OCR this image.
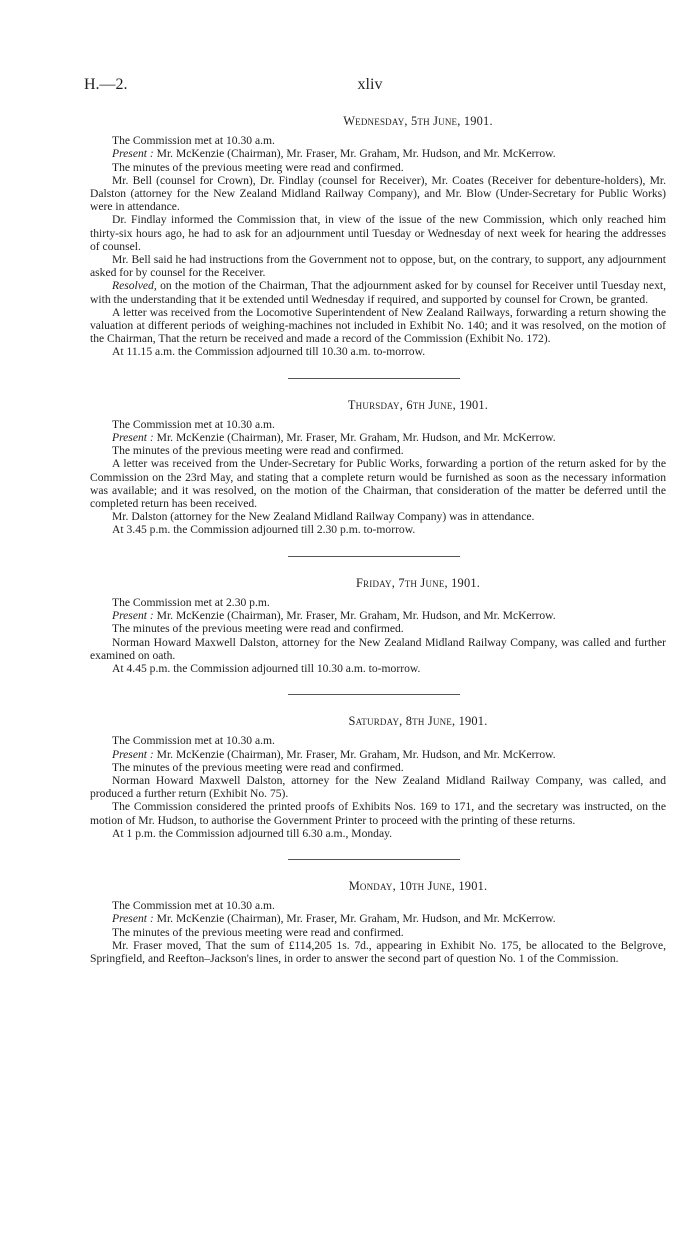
H.—2.	xliv
Wednesday, 5th June, 1901.

The Commission met at 10.30 a.m.

Present : Mr. McKenzie (Chairman), Mr. Fraser, Mr. Graham, Mr. Hudson, and Mr. McKerrow.

The minutes of the previous meeting were read and confirmed.

Mr. Bell (counsel for Crown), Dr. Findlay (counsel for Receiver), Mr. Coates (Receiver for debenture-holders), Mr. Dalston (attorney for the New Zealand Midland Railway Company), and Mr. Blow (Under-Secretary for Public Works) were in attendance.

Dr. Findlay informed the Commission that, in view of the issue of the new Commission, which only reached him thirty-six hours ago, he had to ask for an adjournment until Tuesday or Wednesday of next week for hearing the addresses of counsel.

Mr. Bell said he had instructions from the Government not to oppose, but, on the contrary, to support, any adjournment asked for by counsel for the Receiver.

Resolved, on the motion of the Chairman, That the adjournment asked for by counsel for Receiver until Tuesday next, with the understanding that it be extended until Wednesday if required, and supported by counsel for Crown, be granted.

A letter was received from the Locomotive Superintendent of New Zealand Railways, forwarding a return showing the valuation at different periods of weighing-machines not included in Exhibit No. 140; and it was resolved, on the motion of the Chairman, That the return be received and made a record of the Commission (Exhibit No. 172).

At 11.15 a.m. the Commission adjourned till 10.30 a.m. to-morrow.

Thursday, 6th June, 1901.

The Commission met at 10.30 a.m.

Present : Mr. McKenzie (Chairman), Mr. Fraser, Mr. Graham, Mr. Hudson, and Mr. McKerrow.

The minutes of the previous meeting were read and confirmed.

A letter was received from the Under-Secretary for Public Works, forwarding a portion of the return asked for by the Commission on the 23rd May, and stating that a complete return would be furnished as soon as the necessary information was available; and it was resolved, on the motion of the Chairman, that consideration of the matter be deferred until the completed return has been received.

Mr. Dalston (attorney for the New Zealand Midland Railway Company) was in attendance.

At 3.45 p.m. the Commission adjourned till 2.30 p.m. to-morrow.

Friday, 7th June, 1901.

The Commission met at 2.30 p.m.

Present : Mr. McKenzie (Chairman), Mr. Fraser, Mr. Graham, Mr. Hudson, and Mr. McKerrow.

The minutes of the previous meeting were read and confirmed.

Norman Howard Maxwell Dalston, attorney for the New Zealand Midland Railway Company, was called and further examined on oath.

At 4.45 p.m. the Commission adjourned till 10.30 a.m. to-morrow.

Saturday, 8th June, 1901.

The Commission met at 10.30 a.m.

Present : Mr. McKenzie (Chairman), Mr. Fraser, Mr. Graham, Mr. Hudson, and Mr. McKerrow.

The minutes of the previous meeting were read and confirmed.

Norman Howard Maxwell Dalston, attorney for the New Zealand Midland Railway Company, was called, and produced a further return (Exhibit No. 75).

The Commission considered the printed proofs of Exhibits Nos. 169 to 171, and the secretary was instructed, on the motion of Mr. Hudson, to authorise the Government Printer to proceed with the printing of these returns.

At 1 p.m. the Commission adjourned till 6.30 a.m., Monday.

Monday, 10th June, 1901.

The Commission met at 10.30 a.m.

Present : Mr. McKenzie (Chairman), Mr. Fraser, Mr. Graham, Mr. Hudson, and Mr. McKerrow.

The minutes of the previous meeting were read and confirmed.

Mr. Fraser moved, That the sum of £114,205 1s. 7d., appearing in Exhibit No. 175, be allocated to the Belgrove, Springfield, and Reefton–Jackson's lines, in order to answer the second part of question No. 1 of the Commission.
